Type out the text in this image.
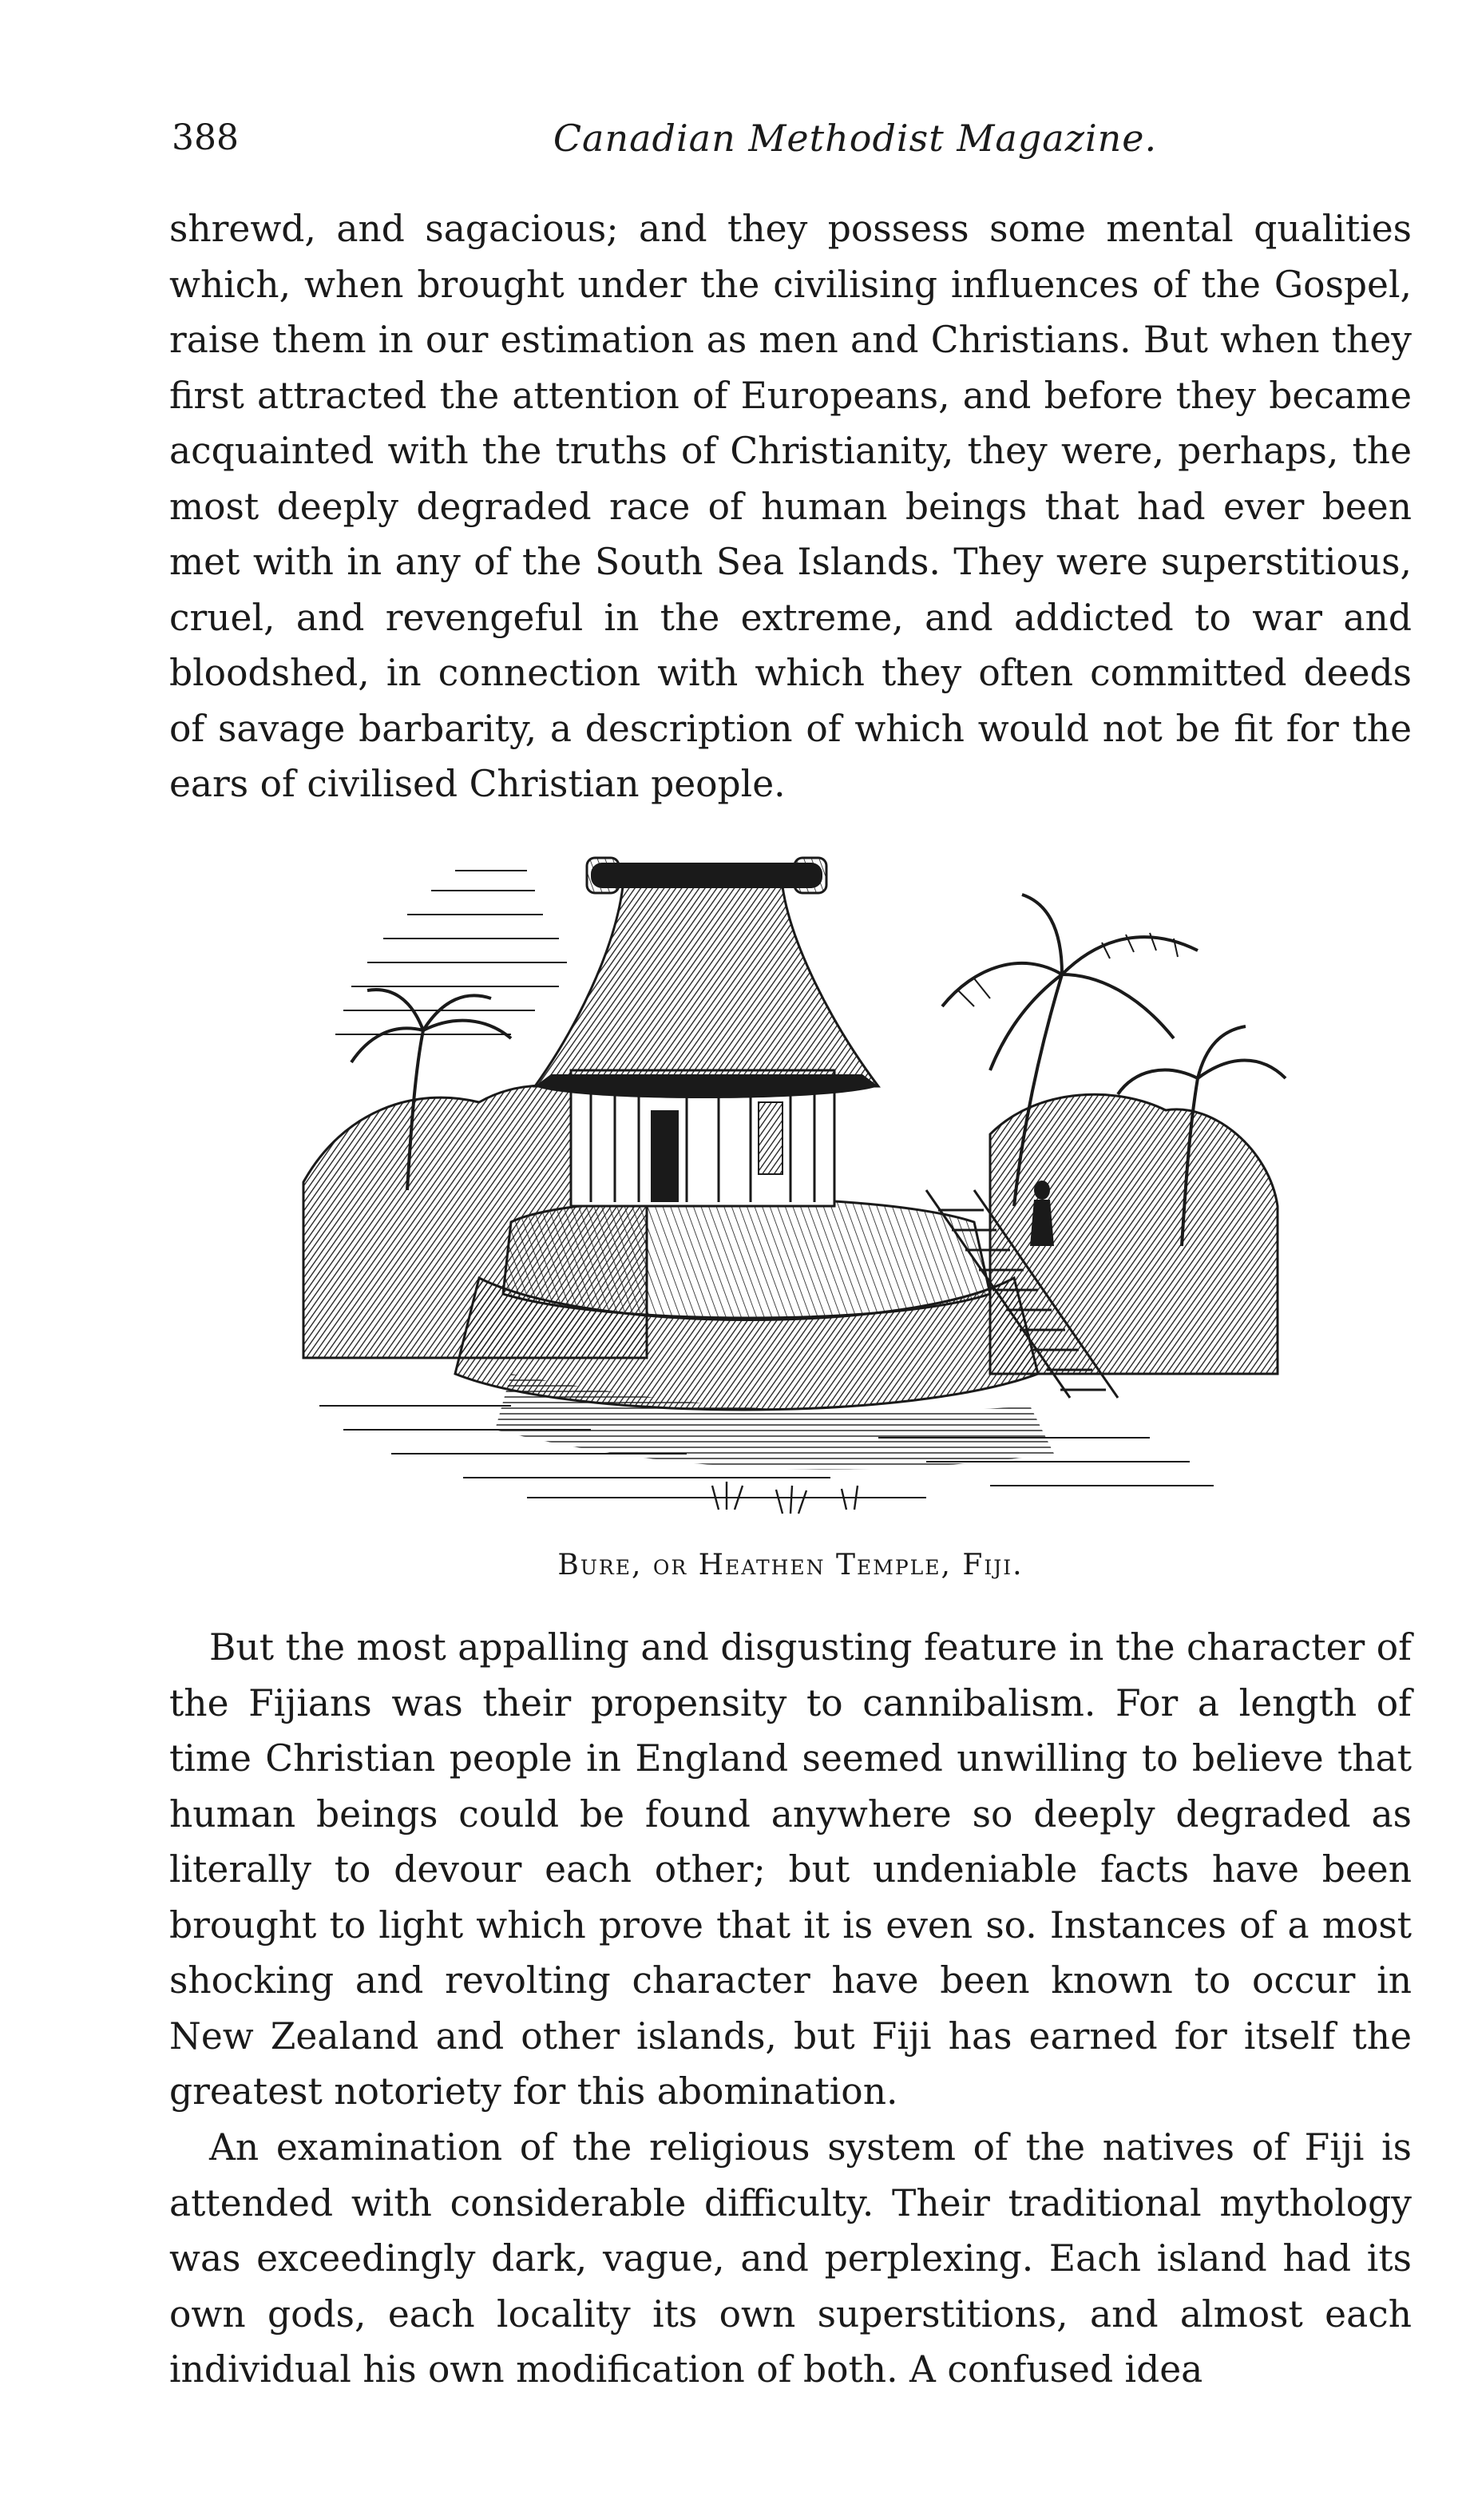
388	Canadian Methodist Magazine.

shrewd, and sagacious; and they possess some mental qualities which, when brought under the civilising influences of the Gospel, raise them in our estimation as men and Christians. But when they first attracted the attention of Europeans, and before they became acquainted with the truths of Christianity, they were, perhaps, the most deeply degraded race of human beings that had ever been met with in any of the South Sea Islands. They were superstitious, cruel, and revengeful in the extreme, and addicted to war and bloodshed, in connection with which they often committed deeds of savage barbarity, a description of which would not be fit for the ears of civilised Christian people.

Bure, or Heathen Temple, Fiji.

But the most appalling and disgusting feature in the character of the Fijians was their propensity to cannibalism. For a length of time Christian people in England seemed unwilling to believe that human beings could be found anywhere so deeply degraded as literally to devour each other; but undeniable facts have been brought to light which prove that it is even so. Instances of a most shocking and revolting character have been known to occur in New Zealand and other islands, but Fiji has earned for itself the greatest notoriety for this abomination.

An examination of the religious system of the natives of Fiji is attended with considerable difficulty. Their traditional mythology was exceedingly dark, vague, and perplexing. Each island had its own gods, each locality its own superstitions, and almost each individual his own modification of both. A confused idea
